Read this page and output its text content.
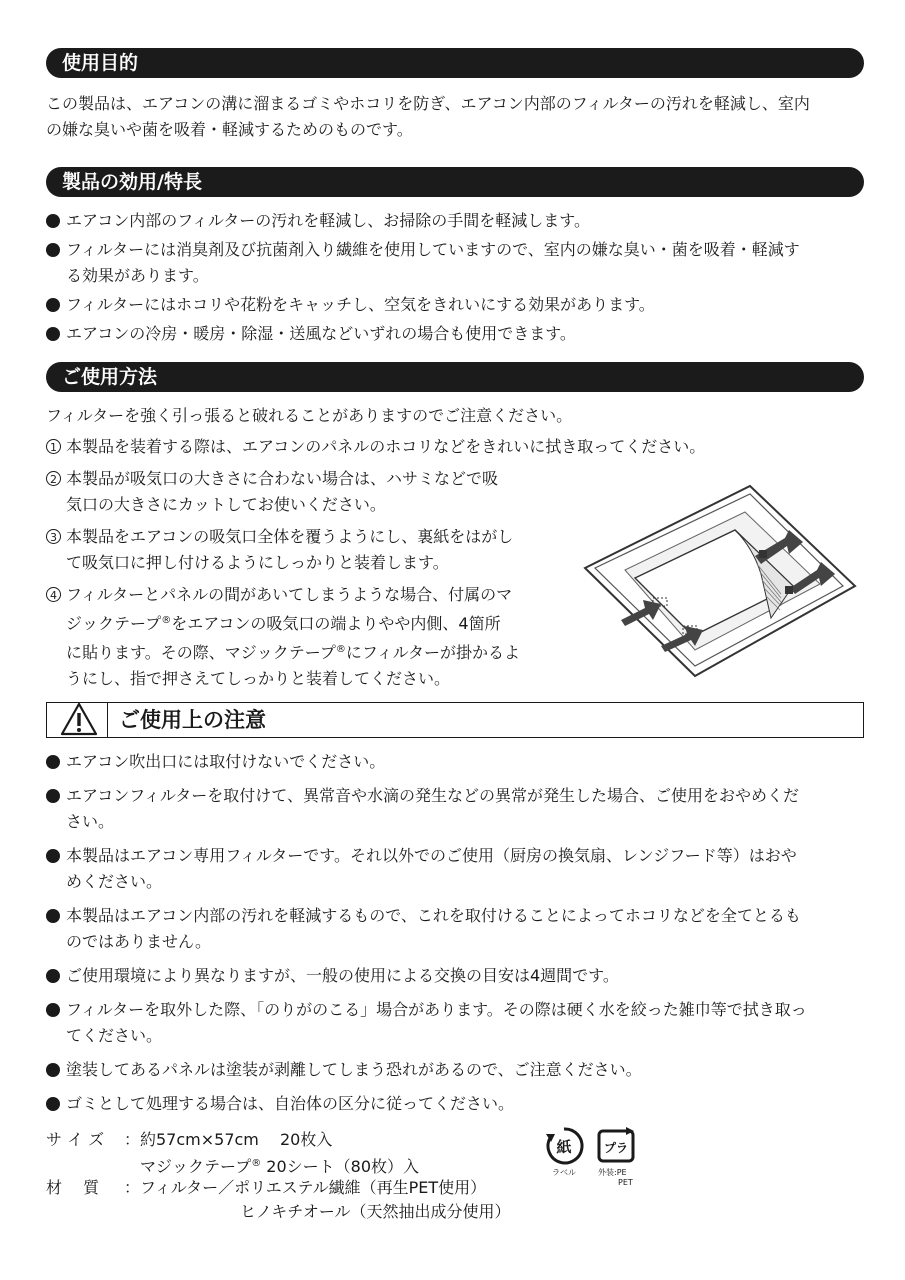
使用目的
この製品は、エアコンの溝に溜まるゴミやホコリを防ぎ、エアコン内部のフィルターの汚れを軽減し、室内
の嫌な臭いや菌を吸着・軽減するためのものです。
製品の効用/特長
エアコン内部のフィルターの汚れを軽減し、お掃除の手間を軽減します。
フィルターには消臭剤及び抗菌剤入り繊維を使用していますので、室内の嫌な臭い・菌を吸着・軽減す
る効果があります。
フィルターにはホコリや花粉をキャッチし、空気をきれいにする効果があります。
エアコンの冷房・暖房・除湿・送風などいずれの場合も使用できます。
ご使用方法
フィルターを強く引っ張ると破れることがありますのでご注意ください。
1 本製品を装着する際は、エアコンのパネルのホコリなどをきれいに拭き取ってください。
2 本製品が吸気口の大きさに合わない場合は、ハサミなどで吸
気口の大きさにカットしてお使いください。
3 本製品をエアコンの吸気口全体を覆うようにし、裏紙をはがし
て吸気口に押し付けるようにしっかりと装着します。
4 フィルターとパネルの間があいてしまうような場合、付属のマ
ジックテープ®をエアコンの吸気口の端よりやや内側、4箇所
に貼ります。その際、マジックテープ®にフィルターが掛かるよ
うにし、指で押さえてしっかりと装着してください。
ご使用上の注意
エアコン吹出口には取付けないでください。
エアコンフィルターを取付けて、異常音や水滴の発生などの異常が発生した場合、ご使用をおやめくだ
さい。
本製品はエアコン専用フィルターです。それ以外でのご使用（厨房の換気扇、レンジフード等）はおや
めください。
本製品はエアコン内部の汚れを軽減するもので、これを取付けることによってホコリなどを全てとるも
のではありません。
ご使用環境により異なりますが、一般の使用による交換の目安は4週間です。
フィルターを取外した際、「のりがのこる」場合があります。その際は硬く水を絞った雑巾等で拭き取っ
てください。
塗装してあるパネルは塗装が剥離してしまう恐れがあるので、ご注意ください。
ゴミとして処理する場合は、自治体の区分に従ってください。
サ イ ズ ： 約57cm×57cm　 20枚入
マジックテープ® 20シート（80枚）入
材　 質 ： フィルター／ポリエステル繊維（再生PET使用）
ヒノキチオール（天然抽出成分使用）
紙
ラベル
プラ
外装:PE
PET
